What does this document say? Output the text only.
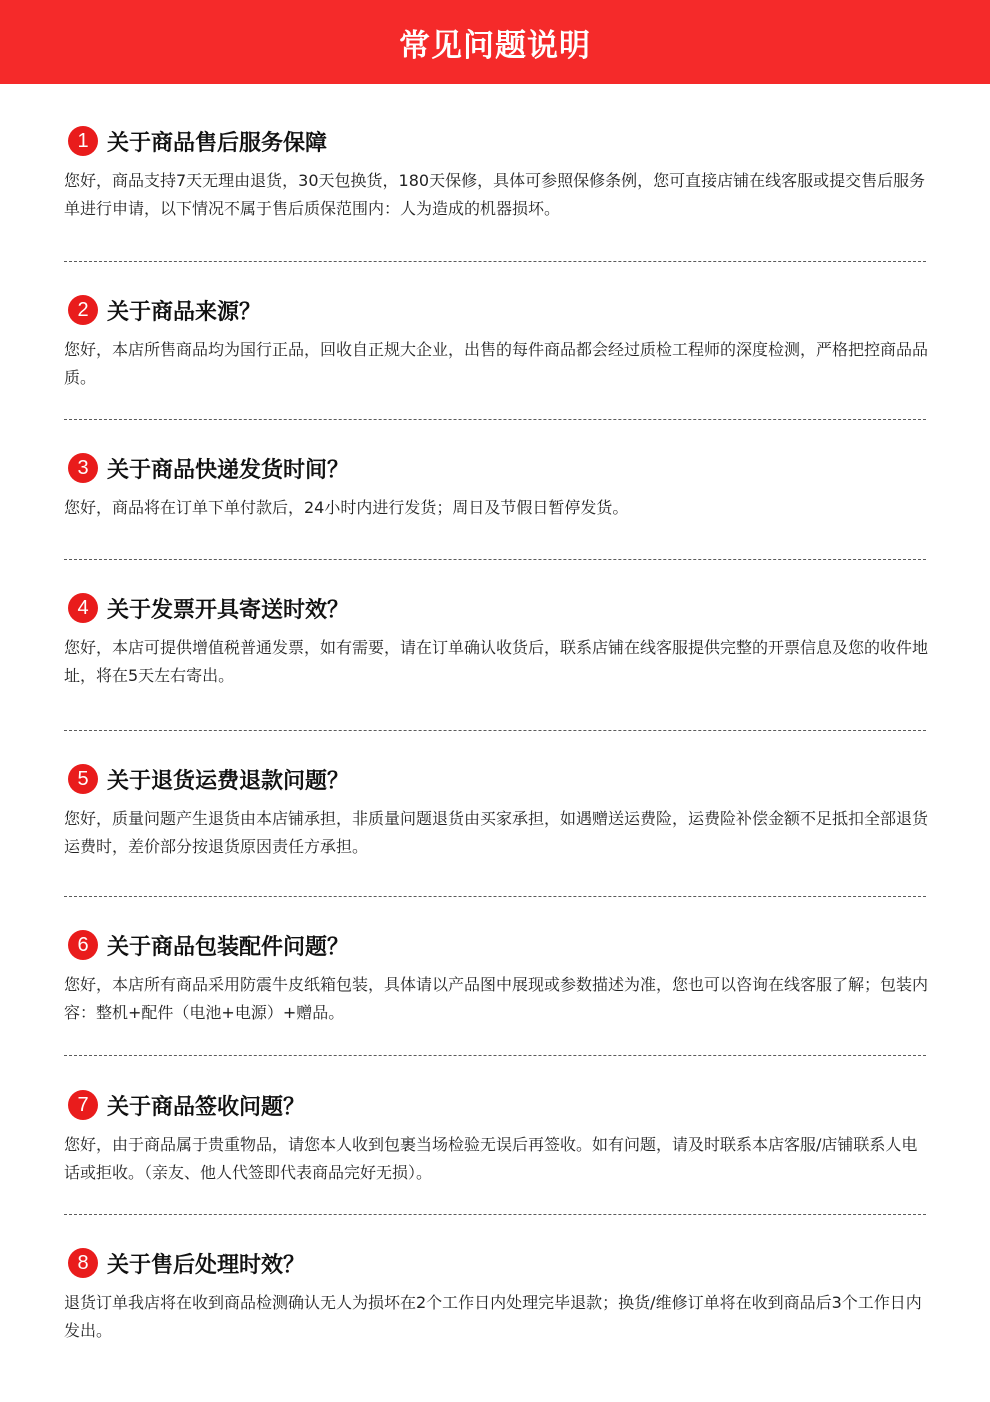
常见问题说明
1 关于商品售后服务保障
您好，商品支持7天无理由退货，30天包换货，180天保修，具体可参照保修条例，您可直接店铺在线客服或提交售后服务单进行申请，以下情况不属于售后质保范围内：人为造成的机器损坏。
2 关于商品来源？
您好，本店所售商品均为国行正品，回收自正规大企业，出售的每件商品都会经过质检工程师的深度检测，严格把控商品品质。
3 关于商品快递发货时间？
您好，商品将在订单下单付款后，24小时内进行发货；周日及节假日暂停发货。
4 关于发票开具寄送时效？
您好，本店可提供增值税普通发票，如有需要，请在订单确认收货后，联系店铺在线客服提供完整的开票信息及您的收件地址，将在5天左右寄出。
5 关于退货运费退款问题？
您好，质量问题产生退货由本店铺承担，非质量问题退货由买家承担，如遇赠送运费险，运费险补偿金额不足抵扣全部退货运费时，差价部分按退货原因责任方承担。
6 关于商品包装配件问题？
您好，本店所有商品采用防震牛皮纸箱包装，具体请以产品图中展现或参数描述为准，您也可以咨询在线客服了解；包装内容：整机+配件（电池+电源）+赠品。
7 关于商品签收问题？
您好，由于商品属于贵重物品，请您本人收到包裹当场检验无误后再签收。如有问题，请及时联系本店客服/店铺联系人电话或拒收。（亲友、他人代签即代表商品完好无损）。
8 关于售后处理时效？
退货订单我店将在收到商品检测确认无人为损坏在2个工作日内处理完毕退款；换货/维修订单将在收到商品后3个工作日内发出。
